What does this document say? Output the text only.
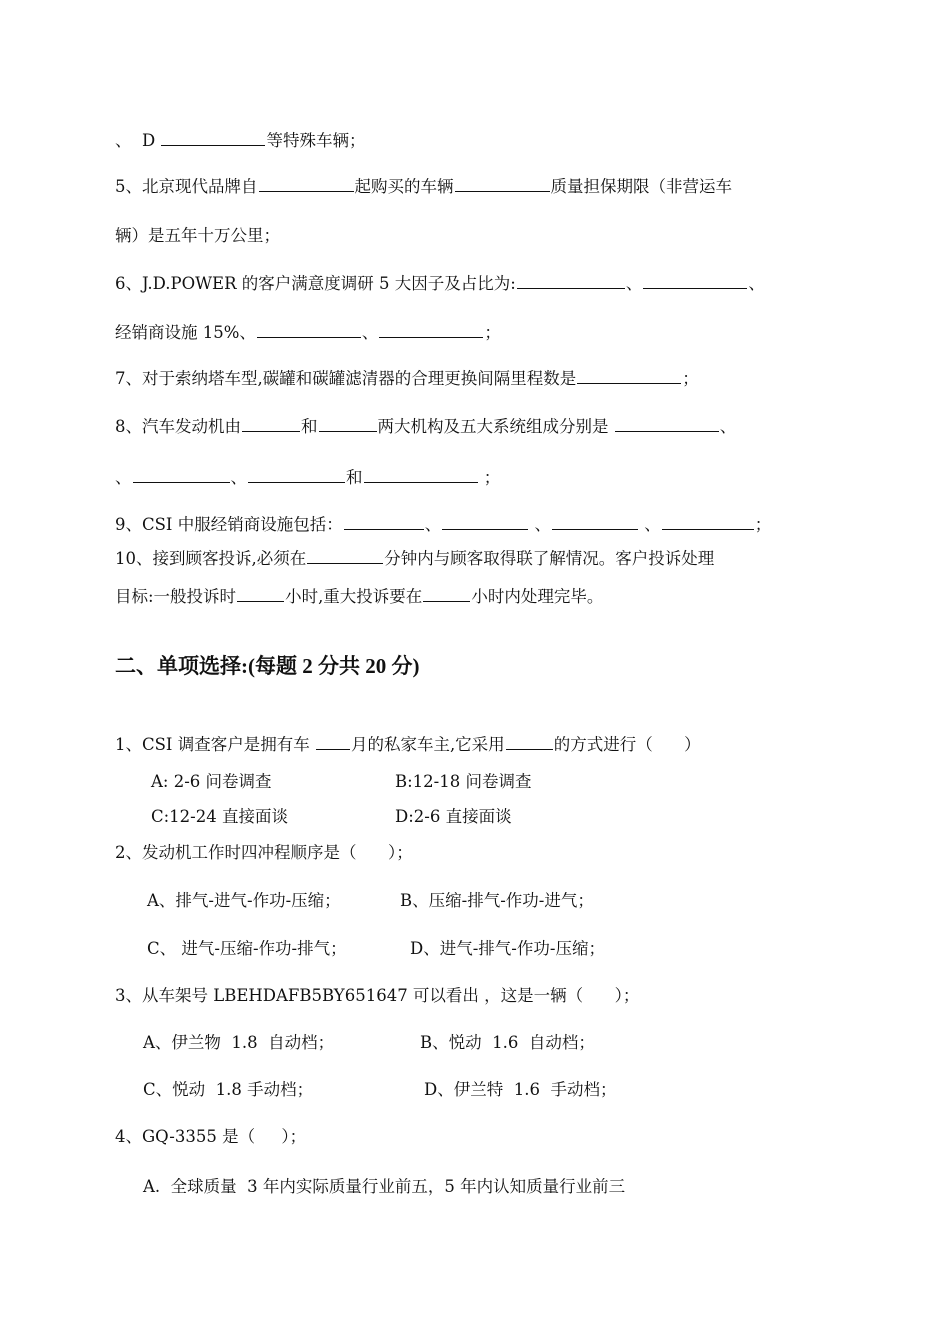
、  D	等特殊车辆；
5、北京现代品牌自	起购买的车辆	质量担保期限（非营运车
辆）是五年十万公里；
6、J.D.POWER 的客户满意度调研 5 大因子及占比为:	、	、
经销商设施 15%、	、	；
7、对于索纳塔车型,碳罐和碳罐滤清器的合理更换间隔里程数是	；
8、汽车发动机由	和	两大机构及五大系统组成分别是	、
、	、	和	；
9、CSI 中服经销商设施包括：	、	、	、	；
10、接到顾客投诉,必须在	分钟内与顾客取得联了解情况。客户投诉处理
目标:一般投诉时	小时,重大投诉要在	小时内处理完毕。
二、单项选择:(每题 2 分共 20 分)
1、CSI 调查客户是拥有车 月的私家车主,它采用	的方式进行（      ）
A: 2-6 问卷调查	B:12-18 问卷调查
C:12-24 直接面谈	D:2-6 直接面谈
2、发动机工作时四冲程顺序是（      ）；
A、排气-进气-作功-压缩；	B、压缩-排气-作功-进气；
C、 进气-压缩-作功-排气；	D、进气-排气-作功-压缩；
3、从车架号 LBEHDAFB5BY651647 可以看出 ，这是一辆（      ）；
A、伊兰物  1.8  自动档；	B、悦动  1.6  自动档；
C、悦动  1.8 手动档；	D、伊兰特  1.6  手动档；
4、GQ-3355 是（     ）；
A.  全球质量  3 年内实际质量行业前五，5 年内认知质量行业前三
